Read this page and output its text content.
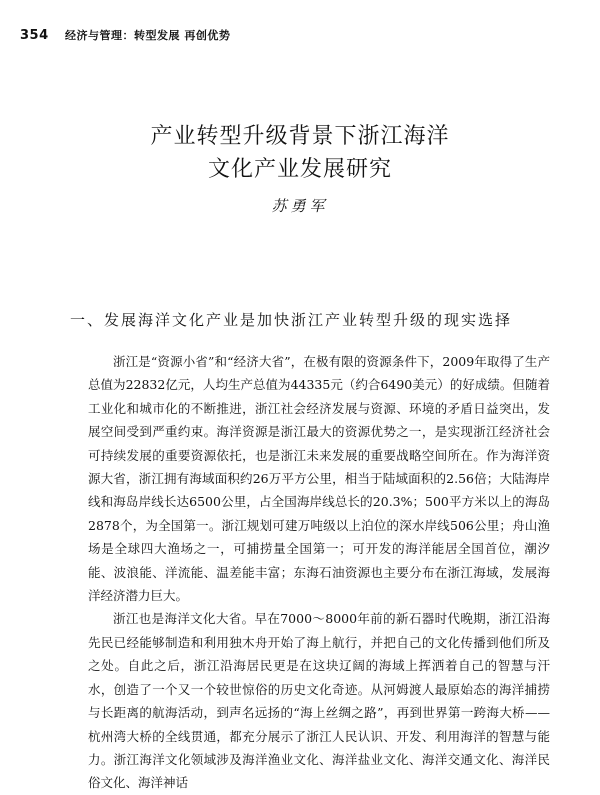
354 经济与管理：转型发展 再创优势
产业转型升级背景下浙江海洋
文化产业发展研究
苏勇军
一、发展海洋文化产业是加快浙江产业转型升级的现实选择

浙江是“资源小省”和“经济大省”，在极有限的资源条件下，2009年取得了生产总值为22832亿元，人均生产总值为44335元（约合6490美元）的好成绩。但随着工业化和城市化的不断推进，浙江社会经济发展与资源、环境的矛盾日益突出，发展空间受到严重约束。海洋资源是浙江最大的资源优势之一，是实现浙江经济社会可持续发展的重要资源依托，也是浙江未来发展的重要战略空间所在。作为海洋资源大省，浙江拥有海域面积约26万平方公里，相当于陆域面积的2.56倍；大陆海岸线和海岛岸线长达6500公里，占全国海岸线总长的20.3%；500平方米以上的海岛2878个，为全国第一。浙江规划可建万吨级以上泊位的深水岸线506公里；舟山渔场是全球四大渔场之一，可捕捞量全国第一；可开发的海洋能居全国首位，潮汐能、波浪能、洋流能、温差能丰富；东海石油资源也主要分布在浙江海域，发展海洋经济潜力巨大。

浙江也是海洋文化大省。早在7000～8000年前的新石器时代晚期，浙江沿海先民已经能够制造和利用独木舟开始了海上航行，并把自己的文化传播到他们所及之处。自此之后，浙江沿海居民更是在这块辽阔的海域上挥洒着自己的智慧与汗水，创造了一个又一个较世惊俗的历史文化奇迹。从河姆渡人最原始态的海洋捕捞与长距离的航海活动，到声名远扬的“海上丝绸之路”，再到世界第一跨海大桥——杭州湾大桥的全线贯通，都充分展示了浙江人民认识、开发、利用海洋的智慧与能力。浙江海洋文化领域涉及海洋渔业文化、海洋盐业文化、海洋交通文化、海洋民俗文化、海洋神话
